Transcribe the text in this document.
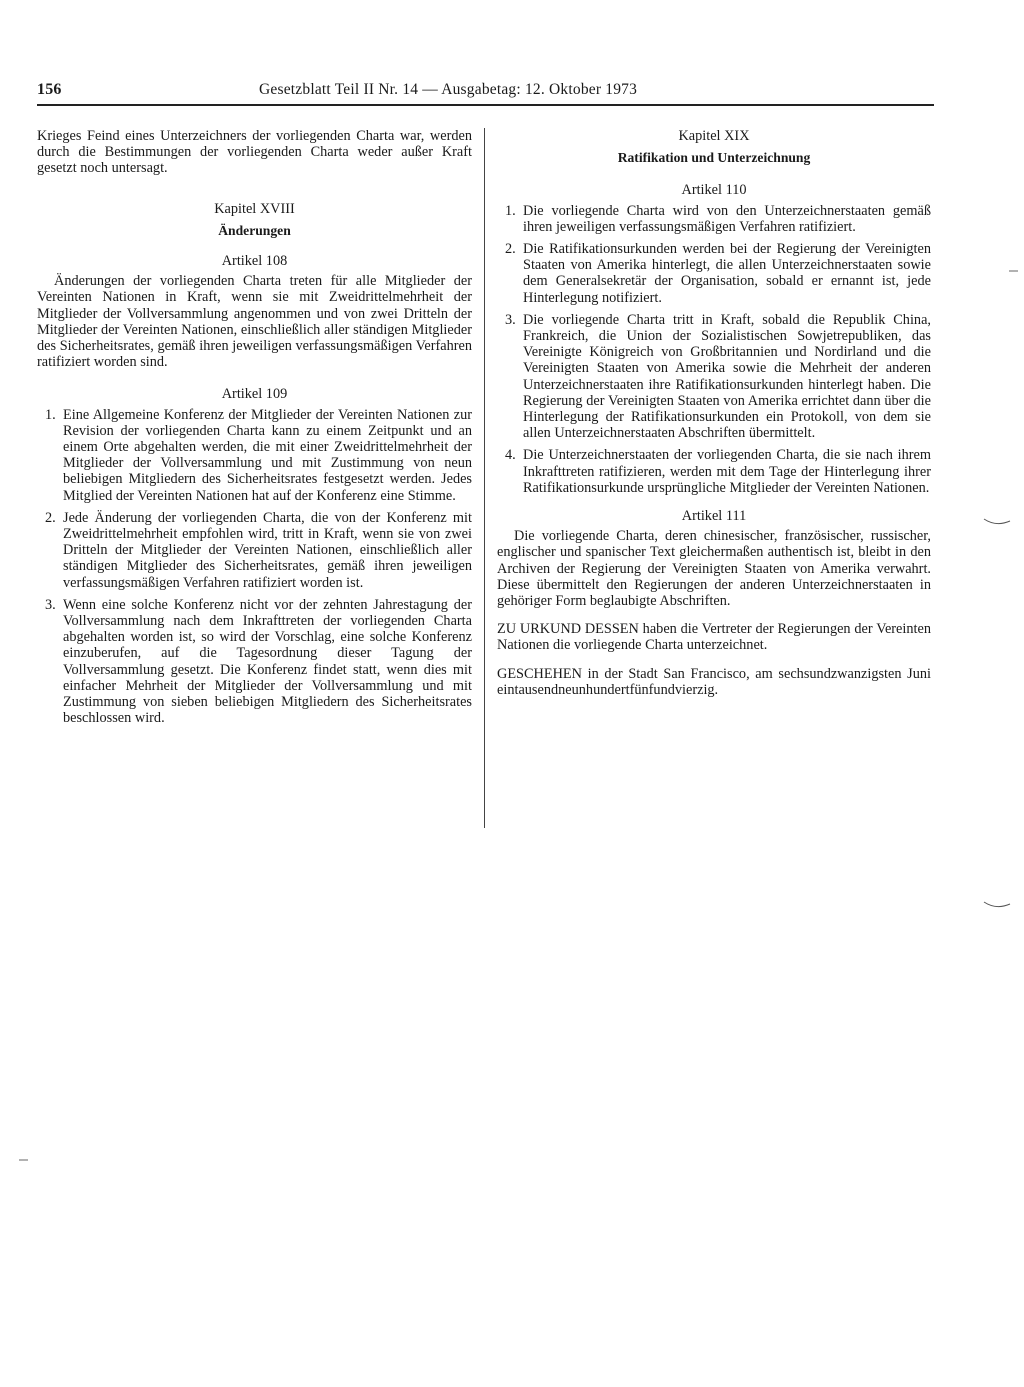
156	Gesetzblatt Teil II Nr. 14 — Ausgabetag: 12. Oktober 1973

Krieges Feind eines Unterzeichners der vorliegenden Charta war, werden durch die Bestimmungen der vorliegenden Charta weder außer Kraft gesetzt noch untersagt.

Kapitel XVIII

Änderungen

Artikel 108

Änderungen der vorliegenden Charta treten für alle Mitglieder der Vereinten Nationen in Kraft, wenn sie mit Zweidrittelmehrheit der Mitglieder der Vollversammlung angenommen und von zwei Dritteln der Mitglieder der Vereinten Nationen, einschließlich aller ständigen Mitglieder des Sicherheitsrates, gemäß ihren jeweiligen verfassungsmäßigen Verfahren ratifiziert worden sind.

Artikel 109

1. Eine Allgemeine Konferenz der Mitglieder der Vereinten Nationen zur Revision der vorliegenden Charta kann zu einem Zeitpunkt und an einem Orte abgehalten werden, die mit einer Zweidrittelmehrheit der Mitglieder der Vollversammlung und mit Zustimmung von neun beliebigen Mitgliedern des Sicherheitsrates festgesetzt werden. Jedes Mitglied der Vereinten Nationen hat auf der Konferenz eine Stimme.
2. Jede Änderung der vorliegenden Charta, die von der Konferenz mit Zweidrittelmehrheit empfohlen wird, tritt in Kraft, wenn sie von zwei Dritteln der Mitglieder der Vereinten Nationen, einschließlich aller ständigen Mitglieder des Sicherheitsrates, gemäß ihren jeweiligen verfassungsmäßigen Verfahren ratifiziert worden ist.
3. Wenn eine solche Konferenz nicht vor der zehnten Jahrestagung der Vollversammlung nach dem Inkrafttreten der vorliegenden Charta abgehalten worden ist, so wird der Vorschlag, eine solche Konferenz einzuberufen, auf die Tagesordnung dieser Tagung der Vollversammlung gesetzt. Die Konferenz findet statt, wenn dies mit einfacher Mehrheit der Mitglieder der Vollversammlung und mit Zustimmung von sieben beliebigen Mitgliedern des Sicherheitsrates beschlossen wird.

Kapitel XIX

Ratifikation und Unterzeichnung

Artikel 110

1. Die vorliegende Charta wird von den Unterzeichnerstaaten gemäß ihren jeweiligen verfassungsmäßigen Verfahren ratifiziert.
2. Die Ratifikationsurkunden werden bei der Regierung der Vereinigten Staaten von Amerika hinterlegt, die allen Unterzeichnerstaaten sowie dem Generalsekretär der Organisation, sobald er ernannt ist, jede Hinterlegung notifiziert.
3. Die vorliegende Charta tritt in Kraft, sobald die Republik China, Frankreich, die Union der Sozialistischen Sowjetrepubliken, das Vereinigte Königreich von Großbritannien und Nordirland und die Vereinigten Staaten von Amerika sowie die Mehrheit der anderen Unterzeichnerstaaten ihre Ratifikationsurkunden hinterlegt haben. Die Regierung der Vereinigten Staaten von Amerika errichtet dann über die Hinterlegung der Ratifikationsurkunden ein Protokoll, von dem sie allen Unterzeichnerstaaten Abschriften übermittelt.
4. Die Unterzeichnerstaaten der vorliegenden Charta, die sie nach ihrem Inkrafttreten ratifizieren, werden mit dem Tage der Hinterlegung ihrer Ratifikationsurkunde ursprüngliche Mitglieder der Vereinten Nationen.

Artikel 111

Die vorliegende Charta, deren chinesischer, französischer, russischer, englischer und spanischer Text gleichermaßen authentisch ist, bleibt in den Archiven der Regierung der Vereinigten Staaten von Amerika verwahrt. Diese übermittelt den Regierungen der anderen Unterzeichnerstaaten in gehöriger Form beglaubigte Abschriften.

ZU URKUND DESSEN haben die Vertreter der Regierungen der Vereinten Nationen die vorliegende Charta unterzeichnet.

GESCHEHEN in der Stadt San Francisco, am sechsundzwanzigsten Juni eintausendneunhundertfünfundvierzig.
